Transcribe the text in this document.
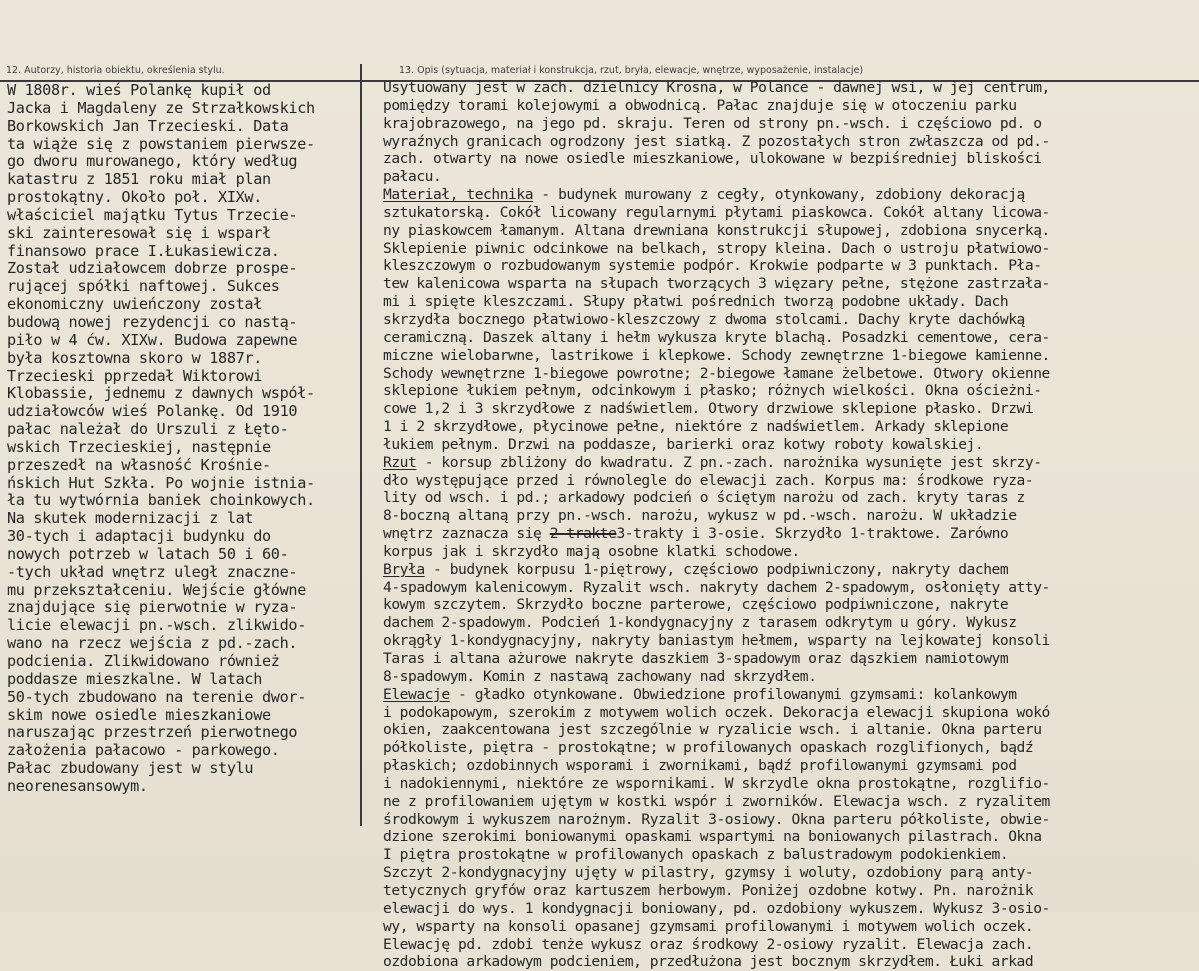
12. Autorzy, historia obiektu, określenia stylu.	13. Opis (sytuacja, materiał i konstrukcja, rzut, bryła, elewacje, wnętrze, wyposażenie, instalacje)
W 1808r. wieś Polankę kupił od
Jacka i Magdaleny ze Strzałkowskich
Borkowskich Jan Trzecieski. Data
ta wiąże się z powstaniem pierwsze-
go dworu murowanego, który według
katastru z 1851 roku miał plan
prostokątny. Około poł. XIXw.
właściciel majątku Tytus Trzecie-
ski zainteresował się i wsparł
finansowo prace I.Łukasiewicza.
Został udziałowcem dobrze prospe-
rującej spółki naftowej. Sukces
ekonomiczny uwieńczony został
budową nowej rezydencji co nastą-
piło w 4 ćw. XIXw. Budowa zapewne
była kosztowna skoro w 1887r.
Trzecieski pprzedał Wiktorowi
Klobassie, jednemu z dawnych współ-
udziałowców wieś Polankę. Od 1910
pałac należał do Urszuli z Łęto-
wskich Trzecieskiej, następnie
przeszedł na własność Krośnie-
ńskich Hut Szkła. Po wojnie istnia-
ła tu wytwórnia baniek choinkowych.
Na skutek modernizacji z lat
30-tych i adaptacji budynku do
nowych potrzeb w latach 50 i 60-
-tych układ wnętrz uległ znaczne-
mu przekształceniu. Wejście główne
znajdujące się pierwotnie w ryza-
licie elewacji pn.-wsch. zlikwido-
wano na rzecz wejścia z pd.-zach.
podcienia. Zlikwidowano również
poddasze mieszkalne. W latach
50-tych zbudowano na terenie dwor-
skim nowe osiedle mieszkaniowe
naruszając przestrzeń pierwotnego
założenia pałacowo - parkowego.
Pałac zbudowany jest w stylu
neorenesansowym.
Usytuowany jest w zach. dzielnicy Krosna, w Polance - dawnej wsi, w jej centrum,
pomiędzy torami kolejowymi a obwodnicą. Pałac znajduje się w otoczeniu parku
krajobrazowego, na jego pd. skraju. Teren od strony pn.-wsch. i częściowo pd. o
wyraźnych granicach ogrodzony jest siatką. Z pozostałych stron zwłaszcza od pd.-
zach. otwarty na nowe osiedle mieszkaniowe, ulokowane w bezpiśredniej bliskości
pałacu.
Materiał, technika - budynek murowany z cegły, otynkowany, zdobiony dekoracją
sztukatorską. Cokół licowany regularnymi płytami piaskowca. Cokół altany licowa-
ny piaskowcem łamanym. Altana drewniana konstrukcji słupowej, zdobiona snycerką.
Sklepienie piwnic odcinkowe na belkach, stropy kleina. Dach o ustroju płatwiowo-
kleszczowym o rozbudowanym systemie podpór. Krokwie podparte w 3 punktach. Pła-
tew kalenicowa wsparta na słupach tworzących 3 więzary pełne, stężone zastrzała-
mi i spięte kleszczami. Słupy płatwi pośrednich tworzą podobne układy. Dach
skrzydła bocznego płatwiowo-kleszczowy z dwoma stolcami. Dachy kryte dachówką
ceramiczną. Daszek altany i hełm wykusza kryte blachą. Posadzki cementowe, cera-
miczne wielobarwne, lastrikowe i klepkowe. Schody zewnętrzne 1-biegowe kamienne.
Schody wewnętrzne 1-biegowe powrotne; 2-biegowe łamane żelbetowe. Otwory okienne
sklepione łukiem pełnym, odcinkowym i płasko; różnych wielkości. Okna ościeżni-
cowe 1,2 i 3 skrzydłowe z nadświetlem. Otwory drzwiowe sklepione płasko. Drzwi
1 i 2 skrzydłowe, płycinowe pełne, niektóre z nadświetlem. Arkady sklepione
łukiem pełnym. Drzwi na poddasze, barierki oraz kotwy roboty kowalskiej.
Rzut - korsup zbliżony do kwadratu. Z pn.-zach. narożnika wysunięte jest skrzy-
dło występujące przed i równolegle do elewacji zach. Korpus ma: środkowe ryza-
lity od wsch. i pd.; arkadowy podcień o ściętym narożu od zach. kryty taras z
8-boczną altaną przy pn.-wsch. narożu, wykusz w pd.-wsch. narożu. W układzie
wnętrz zaznacza się 2-trakte3-trakty i 3-osie. Skrzydło 1-traktowe. Zarówno
korpus jak i skrzydło mają osobne klatki schodowe.
Bryła - budynek korpusu 1-piętrowy, częściowo podpiwniczony, nakryty dachem
4-spadowym kalenicowym. Ryzalit wsch. nakryty dachem 2-spadowym, osłonięty atty-
kowym szczytem. Skrzydło boczne parterowe, częściowo podpiwniczone, nakryte
dachem 2-spadowym. Podcień 1-kondygnacyjny z tarasem odkrytym u góry. Wykusz
okrągły 1-kondygnacyjny, nakryty baniastym hełmem, wsparty na lejkowatej konsoli
Taras i altana ażurowe nakryte daszkiem 3-spadowym oraz dąszkiem namiotowym
8-spadowym. Komin z nastawą zachowany nad skrzydłem.
Elewacje - gładko otynkowane. Obwiedzione profilowanymi gzymsami: kolankowym
i podokapowym, szerokim z motywem wolich oczek. Dekoracja elewacji skupiona wokó
okien, zaakcentowana jest szczególnie w ryzalicie wsch. i altanie. Okna parteru
półkoliste, piętra - prostokątne; w profilowanych opaskach rozglifionych, bądź
płaskich; ozdobinnych wsporami i zwornikami, bądź profilowanymi gzymsami pod
i nadokiennymi, niektóre ze wspornikami. W skrzydle okna prostokątne, rozglifio-
ne z profilowaniem ujętym w kostki wspór i zworników. Elewacja wsch. z ryzalitem
środkowym i wykuszem narożnym. Ryzalit 3-osiowy. Okna parteru półkoliste, obwie-
dzione szerokimi boniowanymi opaskami wspartymi na boniowanych pilastrach. Okna
I piętra prostokątne w profilowanych opaskach z balustradowym podokienkiem.
Szczyt 2-kondygnacyjny ujęty w pilastry, gzymsy i woluty, ozdobiony parą anty-
tetycznych gryfów oraz kartuszem herbowym. Poniżej ozdobne kotwy. Pn. narożnik
elewacji do wys. 1 kondygnacji boniowany, pd. ozdobiony wykuszem. Wykusz 3-osio-
wy, wsparty na konsoli opasanej gzymsami profilowanymi i motywem wolich oczek.
Elewację pd. zdobi tenże wykusz oraz środkowy 2-osiowy ryzalit. Elewacja zach.
ozdobiona arkadowym podcieniem, przedłużona jest bocznym skrzydłem. Łuki arkad
